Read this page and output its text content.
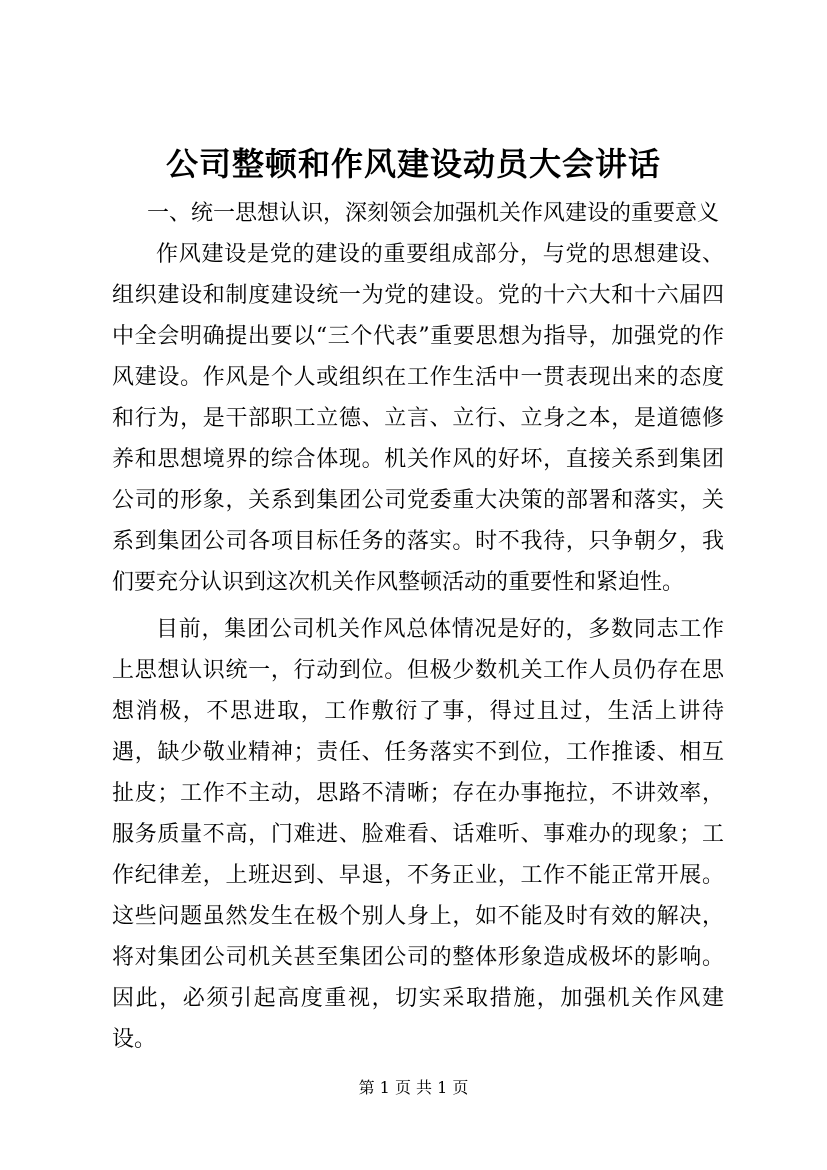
公司整顿和作风建设动员大会讲话

一、统一思想认识，深刻领会加强机关作风建设的重要意义

作风建设是党的建设的重要组成部分，与党的思想建设、组织建设和制度建设统一为党的建设。党的十六大和十六届四中全会明确提出要以“三个代表”重要思想为指导，加强党的作风建设。作风是个人或组织在工作生活中一贯表现出来的态度和行为，是干部职工立德、立言、立行、立身之本，是道德修养和思想境界的综合体现。机关作风的好坏，直接关系到集团公司的形象，关系到集团公司党委重大决策的部署和落实，关系到集团公司各项目标任务的落实。时不我待，只争朝夕，我们要充分认识到这次机关作风整顿活动的重要性和紧迫性。

目前，集团公司机关作风总体情况是好的，多数同志工作上思想认识统一，行动到位。但极少数机关工作人员仍存在思想消极，不思进取，工作敷衍了事，得过且过，生活上讲待遇，缺少敬业精神；责任、任务落实不到位，工作推诿、相互扯皮；工作不主动，思路不清晰；存在办事拖拉，不讲效率，服务质量不高，门难进、脸难看、话难听、事难办的现象；工作纪律差，上班迟到、早退，不务正业，工作不能正常开展。这些问题虽然发生在极个别人身上，如不能及时有效的解决，将对集团公司机关甚至集团公司的整体形象造成极坏的影响。因此，必须引起高度重视，切实采取措施，加强机关作风建设。

第 1 页 共 1 页
